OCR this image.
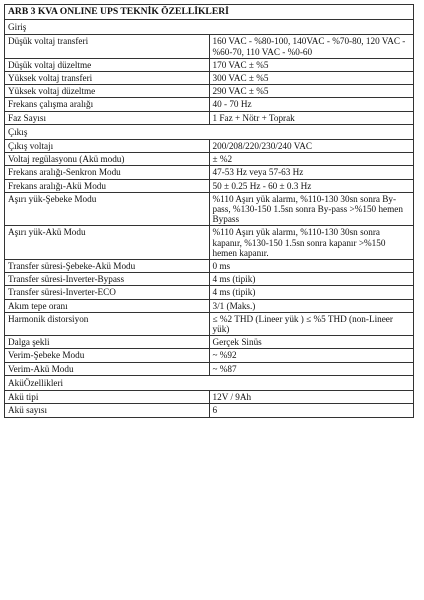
ARB 3 KVA ONLINE UPS TEKNİK ÖZELLİKLERİ	
Giriş	
Düşük voltaj transferi	160 VAC - %80-100, 140VAC - %70-80, 120 VAC - %60-70, 110 VAC - %0-60
Düşük voltaj düzeltme	170 VAC ± %5
Yüksek voltaj transferi	300 VAC ± %5
Yüksek voltaj düzeltme	290 VAC ± %5
Frekans çalışma aralığı	40 - 70 Hz
Faz Sayısı	1 Faz + Nötr + Toprak
Çıkış	
Çıkış voltajı	200/208/220/230/240 VAC
Voltaj regülasyonu (Akü modu)	± %2
Frekans aralığı-Senkron Modu	47-53 Hz veya 57-63 Hz
Frekans aralığı-Akü Modu	50 ± 0.25 Hz - 60 ± 0.3 Hz
Aşırı yük-Şebeke Modu	%110 Aşırı yük alarmı, %110-130 30sn sonra By-pass, %130-150 1.5sn sonra By-pass >%150 hemen Bypass
Aşırı yük-Akü Modu	%110 Aşırı yük alarmı, %110-130 30sn sonra kapanır, %130-150 1.5sn sonra kapanır >%150 hemen kapanır.
Transfer süresi-Şebeke-Akü Modu	0 ms
Transfer süresi-Inverter-Bypass	4 ms (tipik)
Transfer süresi-Inverter-ECO	4 ms (tipik)
Akım tepe oranı	3/1 (Maks.)
Harmonik distorsiyon	≤ %2 THD (Lineer yük ) ≤ %5 THD (non-Lineer yük)
Dalga şekli	Gerçek Sinüs
Verim-Şebeke Modu	~ %92
Verim-Akü Modu	~ %87
AküÖzellikleri	
Akü tipi	12V / 9Ah
Akü sayısı	6
